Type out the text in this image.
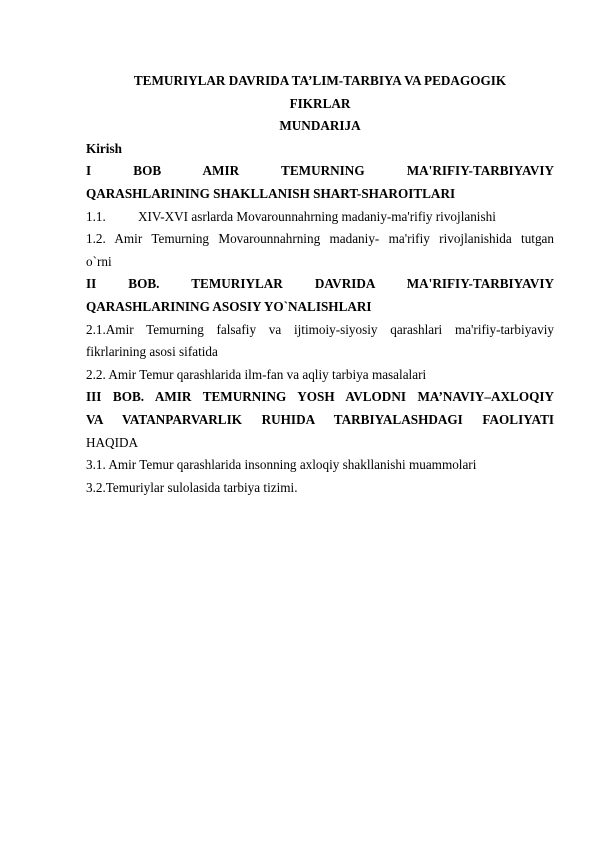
TEMURIYLAR DAVRIDA TA’LIM-TARBIYA VA PEDAGOGIK
FIKRLAR
MUNDARIJA
Kirish
I BOB AMIR TEMURNING MA'RIFIY-TARBIYAVIY
QARASHLARINING SHAKLLANISH SHART-SHAROITLARI
1.1. XIV-XVI asrlarda Movarounnahrning madaniy-ma'rifiy rivojlanishi
1.2. Amir Temurning Movarounnahrning madaniy- ma'rifiy rivojlanishida tutgan
o`rni
II BOB. TEMURIYLAR DAVRIDA MA'RIFIY-TARBIYAVIY
QARASHLARINING ASOSIY YO`NALISHLARI
2.1.Amir Temurning falsafiy va ijtimoiy-siyosiy qarashlari ma'rifiy-tarbiyaviy
fikrlarining asosi sifatida
2.2. Amir Temur qarashlarida ilm-fan va aqliy tarbiya masalalari
III BOB. AMIR TEMURNING YOSH AVLODNI MA’NAVIY–AXLOQIY
VA VATANPARVARLIK RUHIDA TARBIYALASHDAGI FAOLIYATI
HAQIDA
3.1. Amir Temur qarashlarida insonning axloqiy shakllanishi muammolari
3.2.Temuriylar sulolasida tarbiya tizimi.
